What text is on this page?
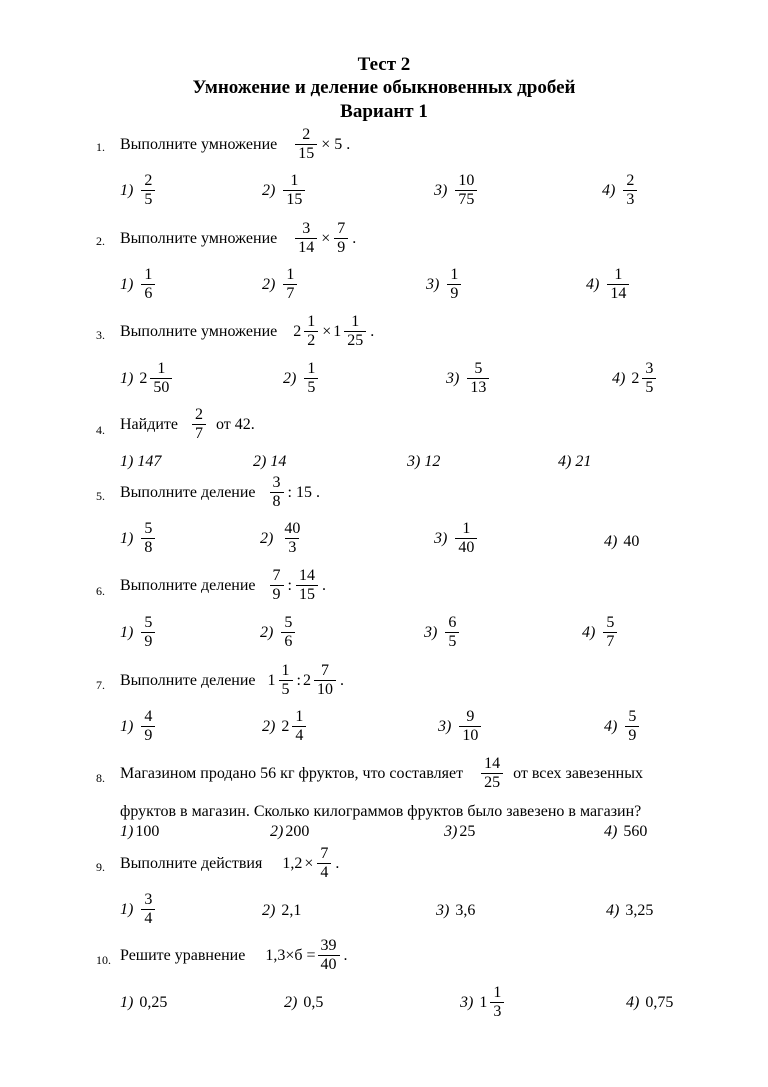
Тест 2
Умножение и деление обыкновенных дробей
Вариант 1
1. Выполните умножение $\frac{2}{15} \times 5$ .
$1) \frac{2}{5}$	$2) \frac{1}{15}$	$3) \frac{10}{75}$	$4) \frac{2}{3}$
2. Выполните умножение $\frac{3}{14} \times \frac{7}{9}$ .
$1) \frac{1}{6}$	$2) \frac{1}{7}$	$3) \frac{1}{9}$	$4) \frac{1}{14}$
3. Выполните умножение $2 \frac{1}{2} \times 1 \frac{1}{25}$ .
1) $2 \frac{1}{50}$	$2) \frac{1}{5}$	$3) \frac{5}{13}$	4) $2 \frac{3}{5}$
4. Найдите $\frac{2}{7}$ от 42.
1) 147	2) 14	3) 12	4) 21
5. Выполните деление $\frac{3}{8}$ : 15 .
$1) \frac{5}{8}$	$2) \frac{40}{3}$	$3) \frac{1}{40}$	4) 40
6. Выполните деление $\frac{7}{9}$ : $\frac{14}{15}$ .
$1) \frac{5}{9}$	$2) \frac{5}{6}$	$3) \frac{6}{5}$	$4) \frac{5}{7}$
7. Выполните деление $1 \frac{1}{5}$ : $2 \frac{7}{10}$ .
$1) \frac{4}{9}$	2) $2 \frac{1}{4}$	$3) \frac{9}{10}$	$4) \frac{5}{9}$
8. Магазином продано 56 кг фруктов, что составляет $\frac{14}{25}$ от всех завезенных
фруктов в магазин. Сколько килограммов фруктов было завезено в магазин?
1) 100	2) 200	3) 25	4) 560
9. Выполните действия $1,2 \times \frac{7}{4}$ .
$1) \frac{3}{4}$	2) 2,1	3) 3,6	4) 3,25
10. Решите уравнение $1,3\times б = \frac{39}{40}$ .
1) 0,25	2) 0,5	3) $1 \frac{1}{3}$	4) 0,75
